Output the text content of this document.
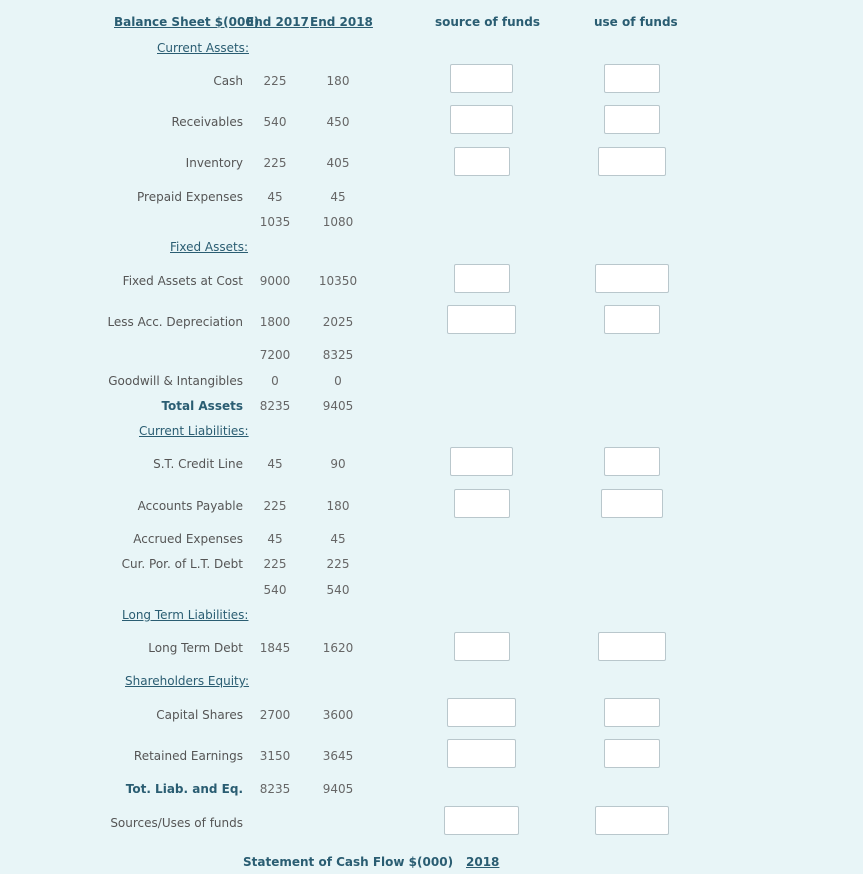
Balance Sheet $(000)
End 2017 End 2018	source of funds	use of funds
Current Assets:
Cash	225	180
Receivables	540	450
Inventory	225	405
Prepaid Expenses	45	45
1035	1080
Fixed Assets:
Fixed Assets at Cost	9000	10350
Less Acc. Depreciation	1800	2025
7200	8325
Goodwill & Intangibles	0	0
Total Assets	8235	9405
Current Liabilities:
S.T. Credit Line	45	90
Accounts Payable	225	180
Accrued Expenses	45	45
Cur. Por. of L.T. Debt	225	225
540	540
Long Term Liabilities:
Long Term Debt	1845	1620
Shareholders Equity:
Capital Shares	2700	3600
Retained Earnings	3150	3645
Tot. Liab. and Eq.	8235	9405
Sources/Uses of funds
Statement of Cash Flow $(000) 2018
